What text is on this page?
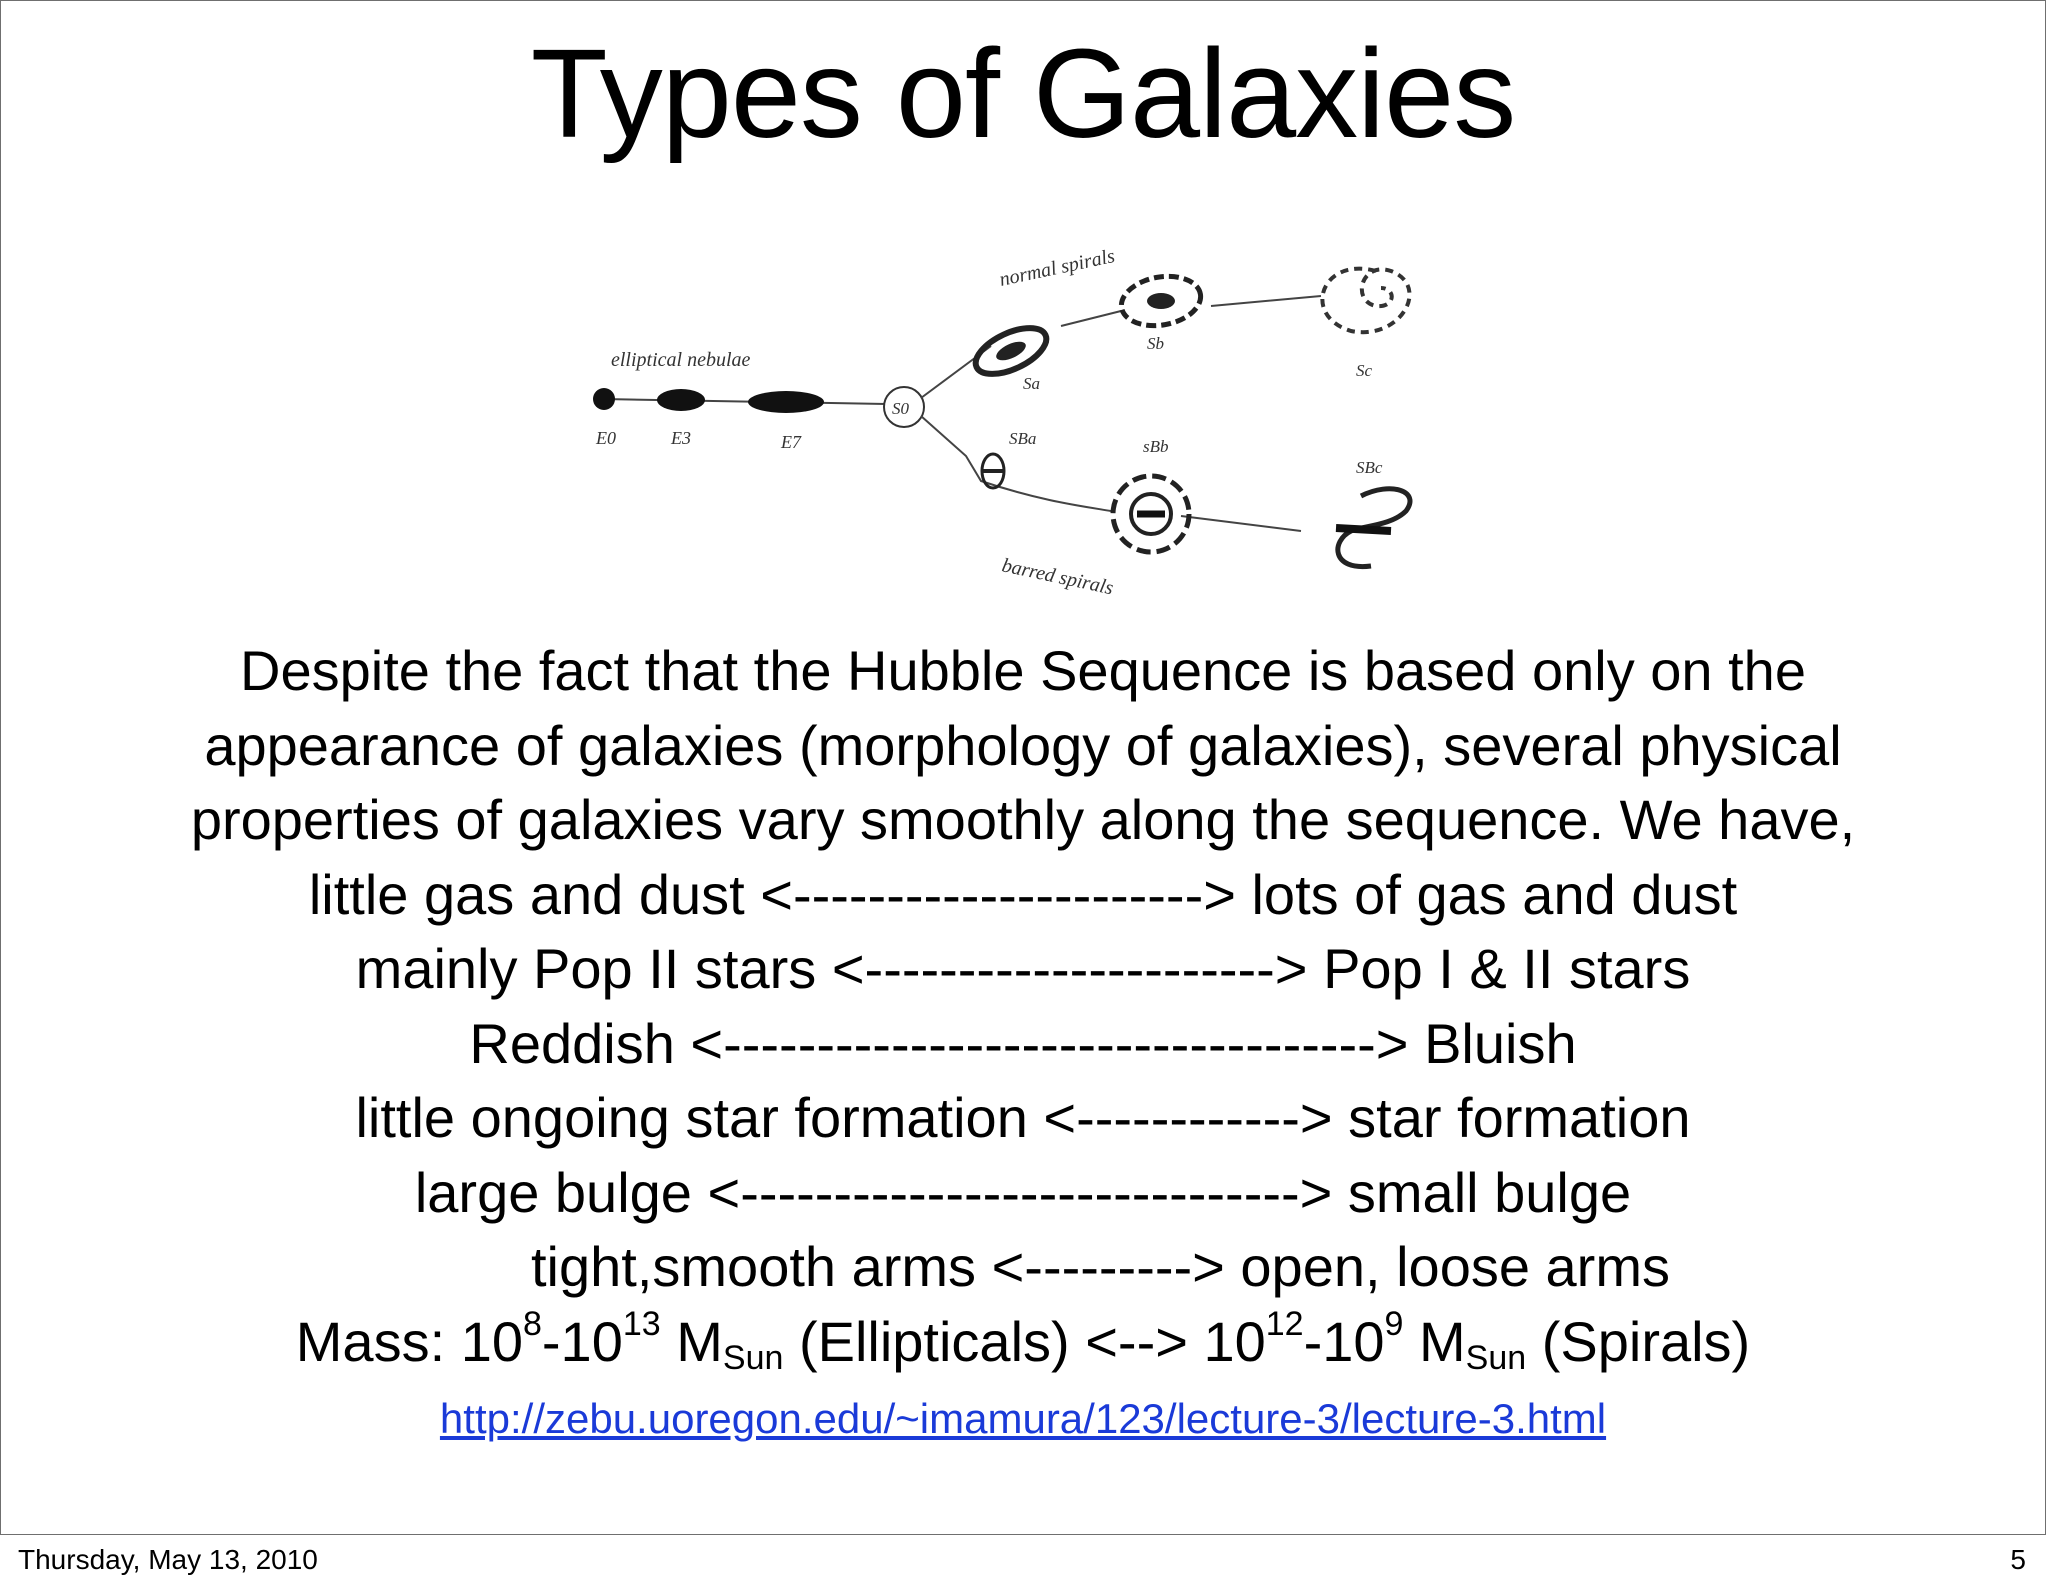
Types of Galaxies
normal spirals
elliptical nebulae
E0	E3	E7
S0
Sa
Sb
Sc
SBa	sBb
SBc
barred spirals
Despite the fact that the Hubble Sequence is based only on the
appearance of galaxies (morphology of galaxies), several physical
properties of galaxies vary smoothly along the sequence. We have,
little gas and dust <----------------------> lots of gas and dust
mainly Pop II stars <----------------------> Pop I & II stars
Reddish <-----------------------------------> Bluish
little ongoing star formation <------------> star formation
large bulge <------------------------------> small bulge
tight,smooth arms <---------> open, loose arms
Mass: $10^8-10^{13}$ $M_{Sun}$ (Ellipticals) <--> $10^{12}-10^9$ $M_{Sun}$ (Spirals)
http://zebu.uoregon.edu/~imamura/123/lecture-3/lecture-3.html
Thursday, May 13, 2010	5
